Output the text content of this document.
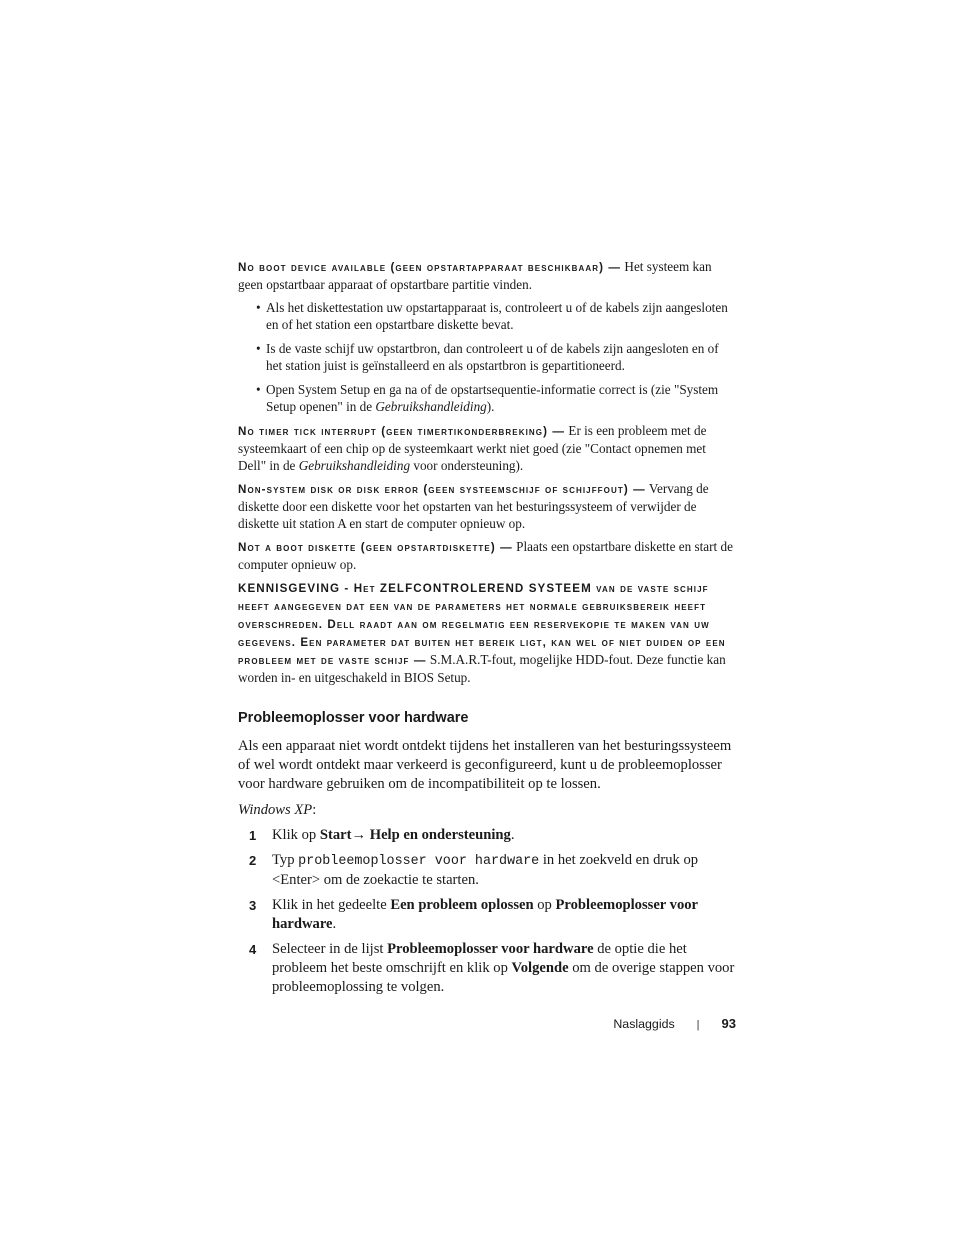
No boot device available (geen opstartapparaat beschikbaar) — Het systeem kan geen opstartbaar apparaat of opstartbare partitie vinden.

• Als het diskettestation uw opstartapparaat is, controleert u of de kabels zijn aangesloten en of het station een opstartbare diskette bevat.
• Is de vaste schijf uw opstartbron, dan controleert u of de kabels zijn aangesloten en of het station juist is geïnstalleerd en als opstartbron is gepartitioneerd.
• Open System Setup en ga na of de opstartsequentie-informatie correct is (zie "System Setup openen" in de Gebruikshandleiding).

No timer tick interrupt (geen timertikonderbreking) — Er is een probleem met de systeemkaart of een chip op de systeemkaart werkt niet goed (zie "Contact opnemen met Dell" in de Gebruikshandleiding voor ondersteuning).

Non-system disk or disk error (geen systeemschijf of schijffout) — Vervang de diskette door een diskette voor het opstarten van het besturingssysteem of verwijder de diskette uit station A en start de computer opnieuw op.

Not a boot diskette (geen opstartdiskette) — Plaats een opstartbare diskette en start de computer opnieuw op.

KENNISGEVING - Het ZELFCONTROLEREND SYSTEEM van de vaste schijf heeft aangegeven dat een van de parameters het normale gebruiksbereik heeft overschreden. Dell raadt aan om regelmatig een reservekopie te maken van uw gegevens. Een parameter dat buiten het bereik ligt, kan wel of niet duiden op een probleem met de vaste schijf — S.M.A.R.T-fout, mogelijke HDD-fout. Deze functie kan worden in- en uitgeschakeld in BIOS Setup.

Probleemoplosser voor hardware

Als een apparaat niet wordt ontdekt tijdens het installeren van het besturingssysteem of wel wordt ontdekt maar verkeerd is geconfigureerd, kunt u de probleemoplosser voor hardware gebruiken om de incompatibiliteit op te lossen.

Windows XP:

1 Klik op Start→ Help en ondersteuning.
2 Typ probleemoplosser voor hardware in het zoekveld en druk op <Enter> om de zoekactie te starten.
3 Klik in het gedeelte Een probleem oplossen op Probleemoplosser voor hardware.
4 Selecteer in de lijst Probleemoplosser voor hardware de optie die het probleem het beste omschrijft en klik op Volgende om de overige stappen voor probleemoplossing te volgen.
Naslaggids | 93
